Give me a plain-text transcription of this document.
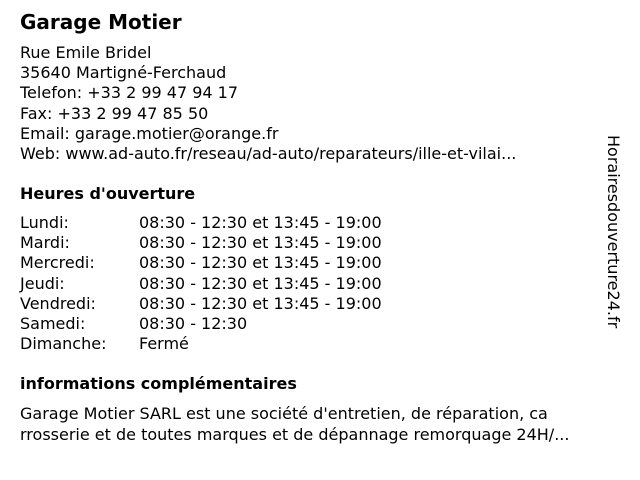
Garage Motier
Rue Emile Bridel
35640 Martigné-Ferchaud
Telefon: +33 2 99 47 94 17
Fax: +33 2 99 47 85 50
Email: garage.motier@orange.fr
Web: www.ad-auto.fr/reseau/ad-auto/reparateurs/ille-et-vilai...
Heures d'ouverture
Lundi:	08:30 - 12:30 et 13:45 - 19:00
Mardi:	08:30 - 12:30 et 13:45 - 19:00
Mercredi:	08:30 - 12:30 et 13:45 - 19:00
Jeudi:	08:30 - 12:30 et 13:45 - 19:00
Vendredi:	08:30 - 12:30 et 13:45 - 19:00
Samedi:	08:30 - 12:30
Dimanche: Fermé
informations complémentaires
Garage Motier SARL est une société d'entretien, de réparation, ca
rrosserie et de toutes marques et de dépannage remorquage 24H/...
Horairesdouverture24.fr
